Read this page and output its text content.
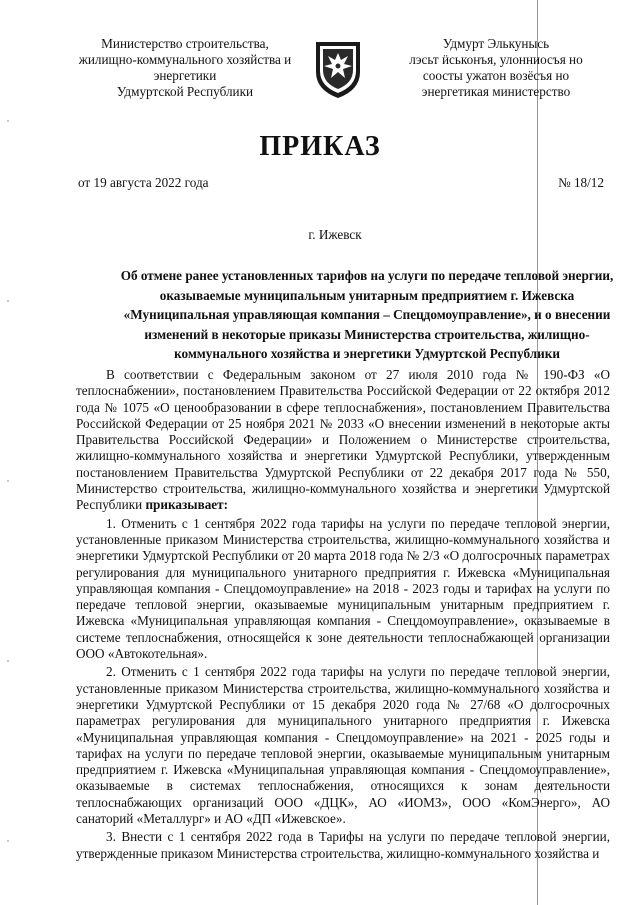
Министерство строительства,
жилищно-коммунального хозяйства и
энергетики
Удмуртской Республики
Удмурт Элькунысь
лэсьт ӥськонъя, улонниосъя но
соосты ужатон возёсъя но
энергетикая министерство
ПРИКАЗ
от 19 августа 2022 года	№ 18/12
г. Ижевск
Об отмене ранее установленных тарифов на услуги по передаче тепловой энергии, оказываемые муниципальным унитарным предприятием г. Ижевска «Муниципальная управляющая компания – Спецдомоуправление», и о внесении изменений в некоторые приказы Министерства строительства, жилищно-коммунального хозяйства и энергетики Удмуртской Республики

В соответствии с Федеральным законом от 27 июля 2010 года № 190-ФЗ «О теплоснабжении», постановлением Правительства Российской Федерации от 22 октября 2012 года № 1075 «О ценообразовании в сфере теплоснабжения», постановлением Правительства Российской Федерации от 25 ноября 2021 № 2033 «О внесении изменений в некоторые акты Правительства Российской Федерации» и Положением о Министерстве строительства, жилищно-коммунального хозяйства и энергетики Удмуртской Республики, утвержденным постановлением Правительства Удмуртской Республики от 22 декабря 2017 года № 550, Министерство строительства, жилищно-коммунального хозяйства и энергетики Удмуртской Республики приказывает:

1. Отменить с 1 сентября 2022 года тарифы на услуги по передаче тепловой энергии, установленные приказом Министерства строительства, жилищно-коммунального хозяйства и энергетики Удмуртской Республики от 20 марта 2018 года № 2/3 «О долгосрочных параметрах регулирования для муниципального унитарного предприятия г. Ижевска «Муниципальная управляющая компания - Спецдомоуправление» на 2018 - 2023 годы и тарифах на услуги по передаче тепловой энергии, оказываемые муниципальным унитарным предприятием г. Ижевска «Муниципальная управляющая компания - Спецдомоуправление», оказываемые в системе теплоснабжения, относящейся к зоне деятельности теплоснабжающей организации ООО «Автокотельная».

2. Отменить с 1 сентября 2022 года тарифы на услуги по передаче тепловой энергии, установленные приказом Министерства строительства, жилищно-коммунального хозяйства и энергетики Удмуртской Республики от 15 декабря 2020 года № 27/68 «О долгосрочных параметрах регулирования для муниципального унитарного предприятия г. Ижевска «Муниципальная управляющая компания - Спецдомоуправление» на 2021 - 2025 годы и тарифах на услуги по передаче тепловой энергии, оказываемые муниципальным унитарным предприятием г. Ижевска «Муниципальная управляющая компания - Спецдомоуправление», оказываемые в системах теплоснабжения, относящихся к зонам деятельности теплоснабжающих организаций ООО «ДЦК», АО «ИОМЗ», ООО «КомЭнерго», АО санаторий «Металлург» и АО «ДП «Ижевское».

3. Внести с 1 сентября 2022 года в Тарифы на услуги по передаче тепловой энергии, утвержденные приказом Министерства строительства, жилищно-коммунального хозяйства и
